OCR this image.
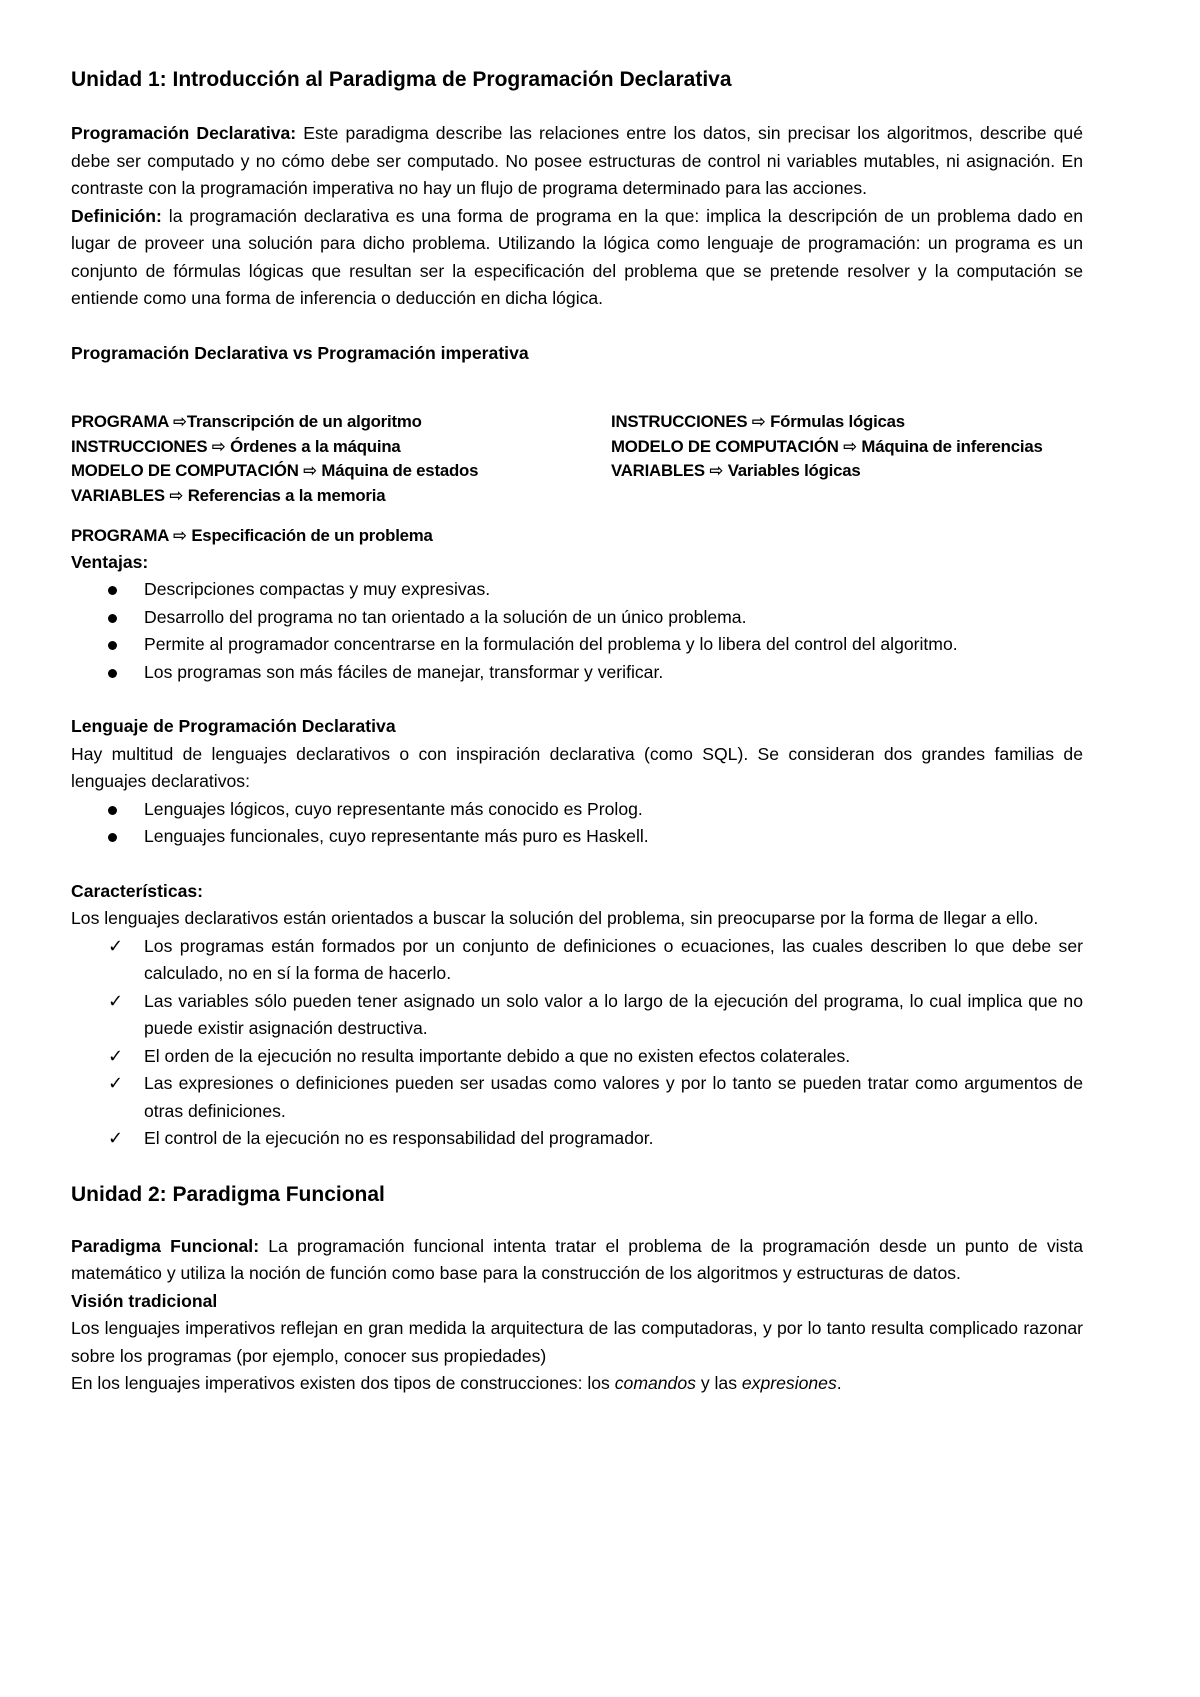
Unidad 1: Introducción al Paradigma de Programación Declarativa

Programación Declarativa: Este paradigma describe las relaciones entre los datos, sin precisar los algoritmos, describe qué debe ser computado y no cómo debe ser computado. No posee estructuras de control ni variables mutables, ni asignación. En contraste con la programación imperativa no hay un flujo de programa determinado para las acciones.

Definición: la programación declarativa es una forma de programa en la que: implica la descripción de un problema dado en lugar de proveer una solución para dicho problema. Utilizando la lógica como lenguaje de programación: un programa es un conjunto de fórmulas lógicas que resultan ser la especificación del problema que se pretende resolver y la computación se entiende como una forma de inferencia o deducción en dicha lógica.

Programación Declarativa vs Programación imperativa

PROGRAMA ⇨Transcripción de un algoritmo
INSTRUCCIONES ⇨ Órdenes a la máquina
MODELO DE COMPUTACIÓN ⇨ Máquina de estados
VARIABLES ⇨ Referencias a la memoria
INSTRUCCIONES ⇨ Fórmulas lógicas
MODELO DE COMPUTACIÓN ⇨ Máquina de inferencias
VARIABLES ⇨ Variables lógicas
PROGRAMA ⇨ Especificación de un problema

Ventajas:

Descripciones compactas y muy expresivas.
Desarrollo del programa no tan orientado a la solución de un único problema.
Permite al programador concentrarse en la formulación del problema y lo libera del control del algoritmo.
Los programas son más fáciles de manejar, transformar y verificar.

Lenguaje de Programación Declarativa

Hay multitud de lenguajes declarativos o con inspiración declarativa (como SQL). Se consideran dos grandes familias de lenguajes declarativos:

Lenguajes lógicos, cuyo representante más conocido es Prolog.
Lenguajes funcionales, cuyo representante más puro es Haskell.

Características:

Los lenguajes declarativos están orientados a buscar la solución del problema, sin preocuparse por la forma de llegar a ello.

✓ Los programas están formados por un conjunto de definiciones o ecuaciones, las cuales describen lo que debe ser calculado, no en sí la forma de hacerlo.
✓ Las variables sólo pueden tener asignado un solo valor a lo largo de la ejecución del programa, lo cual implica que no puede existir asignación destructiva.
✓ El orden de la ejecución no resulta importante debido a que no existen efectos colaterales.
✓ Las expresiones o definiciones pueden ser usadas como valores y por lo tanto se pueden tratar como argumentos de otras definiciones.
✓ El control de la ejecución no es responsabilidad del programador.
Unidad 2: Paradigma Funcional

Paradigma Funcional: La programación funcional intenta tratar el problema de la programación desde un punto de vista matemático y utiliza la noción de función como base para la construcción de los algoritmos y estructuras de datos.

Visión tradicional

Los lenguajes imperativos reflejan en gran medida la arquitectura de las computadoras, y por lo tanto resulta complicado razonar sobre los programas (por ejemplo, conocer sus propiedades)

En los lenguajes imperativos existen dos tipos de construcciones: los comandos y las expresiones.
